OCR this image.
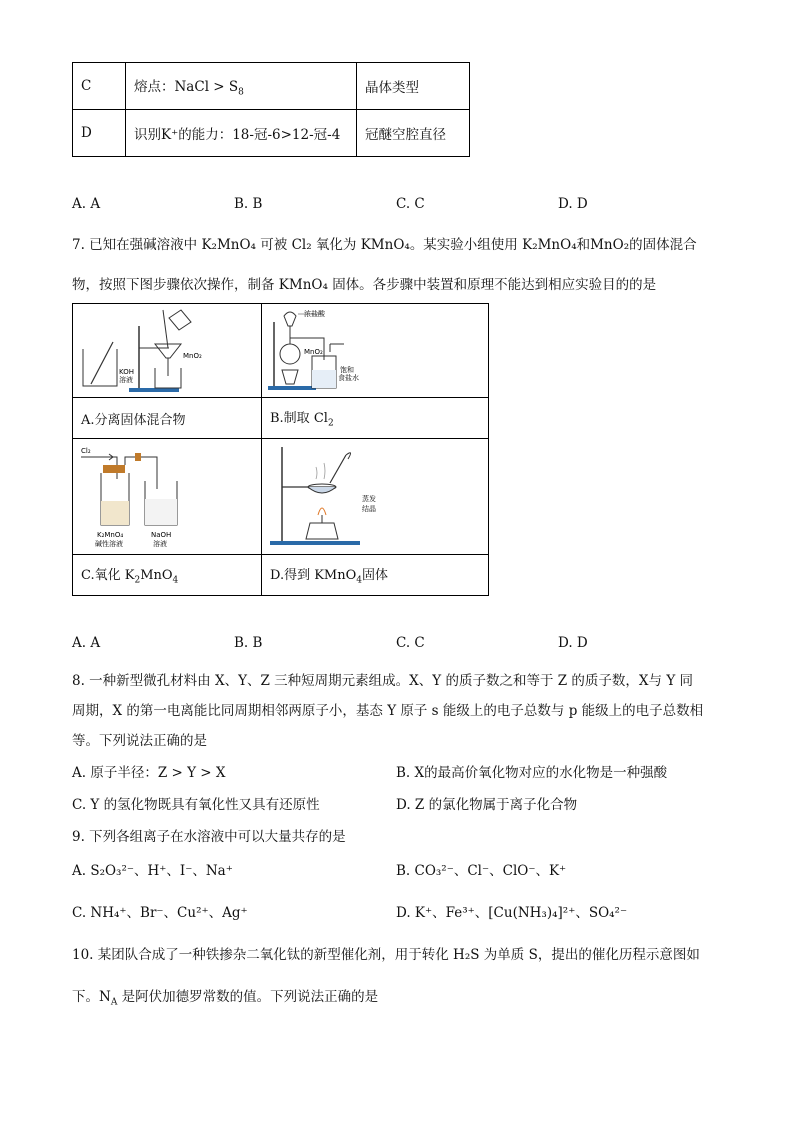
C	熔点：NaCl > $S_8$	晶体类型
D	识别K⁺的能力：18-冠-6>12-冠-4	冠醚空腔直径
A. A	B. B	C. C	D. D
7. 已知在强碱溶液中 K₂MnO₄ 可被 Cl₂ 氧化为 KMnO₄。某实验小组使用 K₂MnO₄和MnO₂的固体混合
物，按照下图步骤依次操作，制备 KMnO₄ 固体。各步骤中装置和原理不能达到相应实验目的的是
KOH
溶液
MnO₂	浓盐酸
MnO₂
饱和
食盐水

A.分离固体混合物	B.制取 $Cl_2$

Cl₂
K₂MnO₄
碱性溶液
NaOH
溶液	蒸发
结晶

C.氧化 $K_2MnO_4$	D.得到 KMnO$_4$固体
A. A	B. B	C. C	D. D
8. 一种新型微孔材料由 X、Y、Z 三种短周期元素组成。X、Y 的质子数之和等于 Z 的质子数，X与 Y 同
周期，X 的第一电离能比同周期相邻两原子小，基态 Y 原子 s 能级上的电子总数与 p 能级上的电子总数相
等。下列说法正确的是
A. 原子半径：Z > Y > X	B. X的最高价氧化物对应的水化物是一种强酸
C. Y 的氢化物既具有氧化性又具有还原性	D. Z 的氯化物属于离子化合物
9. 下列各组离子在水溶液中可以大量共存的是
A. S₂O₃²⁻、H⁺、I⁻、Na⁺	B. CO₃²⁻、Cl⁻、ClO⁻、K⁺
C. NH₄⁺、Br⁻、Cu²⁺、Ag⁺	D. K⁺、Fe³⁺、[Cu(NH₃)₄]²⁺、SO₄²⁻
10. 某团队合成了一种铁掺杂二氧化钛的新型催化剂，用于转化 H₂S 为单质 S，提出的催化历程示意图如
下。$N_A$ 是阿伏加德罗常数的值。下列说法正确的是
